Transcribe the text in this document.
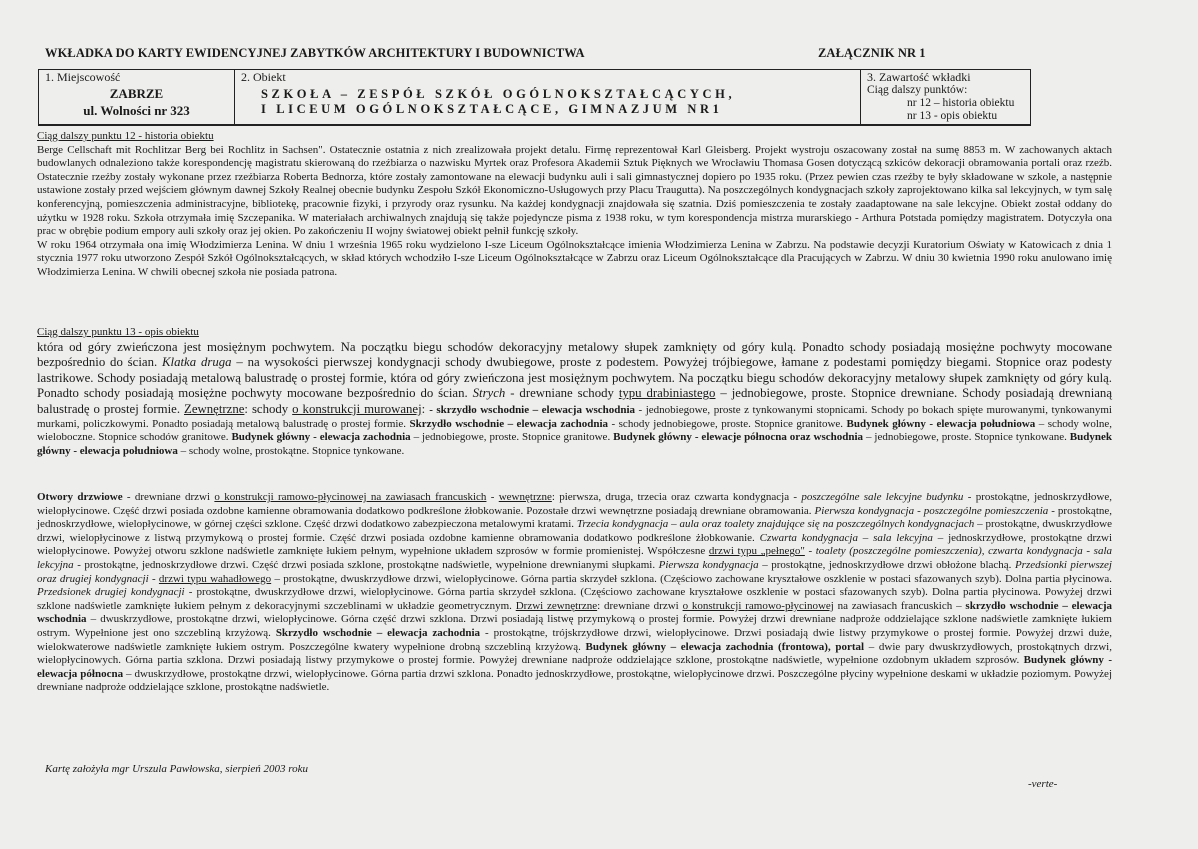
WKŁADKA DO KARTY EWIDENCYJNEJ ZABYTKÓW ARCHITEKTURY I BUDOWNICTWA	ZAŁĄCZNIK NR 1
1. Miejscowość
ZABRZE
ul. Wolności nr 323
2. Obiekt
SZKOŁA – ZESPÓŁ SZKÓŁ OGÓLNOKSZTAŁCĄCYCH,
I LICEUM OGÓLNOKSZTAŁCĄCE, GIMNAZJUM NR1
3. Zawartość wkładki
Ciąg dalszy punktów:
nr 12 – historia obiektu
nr 13 - opis obiektu

Ciąg dalszy punktu 12 - historia obiektu

Berge Cellschaft mit Rochlitzar Berg bei Rochlitz in Sachsen". Ostatecznie ostatnia z nich zrealizowała projekt detalu. Firmę reprezentował Karl Gleisberg. Projekt wystroju oszacowany został na sumę 8853 m. W zachowanych aktach budowlanych odnaleziono także korespondencję magistratu skierowaną do rzeźbiarza o nazwisku Myrtek oraz Profesora Akademii Sztuk Pięknych we Wrocławiu Thomasa Gosen dotyczącą szkiców dekoracji obramowania portali oraz rzeźb. Ostatecznie rzeźby zostały wykonane przez rzeźbiarza Roberta Bednorza, które zostały zamontowane na elewacji budynku auli i sali gimnastycznej dopiero po 1935 roku. (Przez pewien czas rzeźby te były składowane w szkole, a następnie ustawione zostały przed wejściem głównym dawnej Szkoły Realnej obecnie budynku Zespołu Szkół Ekonomiczno-Usługowych przy Placu Traugutta). Na poszczególnych kondygnacjach szkoły zaprojektowano kilka sal lekcyjnych, w tym salę konferencyjną, pomieszczenia administracyjne, bibliotekę, pracownie fizyki, i przyrody oraz rysunku. Na każdej kondygnacji znajdowała się szatnia. Dziś pomieszczenia te zostały zaadaptowane na sale lekcyjne. Obiekt został oddany do użytku w 1928 roku. Szkoła otrzymała imię Szczepanika. W materiałach archiwalnych znajdują się także pojedyncze pisma z 1938 roku, w tym korespondencja mistrza murarskiego - Arthura Potstada pomiędzy magistratem. Dotyczyła ona prac w obrębie podium empory auli szkoły oraz jej okien. Po zakończeniu II wojny światowej obiekt pełnił funkcję szkoły.

W roku 1964 otrzymała ona imię Włodzimierza Lenina. W dniu 1 września 1965 roku wydzielono I-sze Liceum Ogólnokształcące imienia Włodzimierza Lenina w Zabrzu. Na podstawie decyzji Kuratorium Oświaty w Katowicach z dnia 1 stycznia 1977 roku utworzono Zespół Szkół Ogólnokształcących, w skład których wchodziło I-sze Liceum Ogólnokształcące w Zabrzu oraz Liceum Ogólnokształcące dla Pracujących w Zabrzu. W dniu 30 kwietnia 1990 roku anulowano imię Włodzimierza Lenina. W chwili obecnej szkoła nie posiada patrona.

Ciąg dalszy punktu 13 - opis obiektu

która od góry zwieńczona jest mosiężnym pochwytem. Na początku biegu schodów dekoracyjny metalowy słupek zamknięty od góry kulą. Ponadto schody posiadają mosiężne pochwyty mocowane bezpośrednio do ścian. Klatka druga – na wysokości pierwszej kondygnacji schody dwubiegowe, proste z podestem. Powyżej trójbiegowe, łamane z podestami pomiędzy biegami. Stopnice oraz podesty lastrikowe. Schody posiadają metalową balustradę o prostej formie, która od góry zwieńczona jest mosiężnym pochwytem. Na początku biegu schodów dekoracyjny metalowy słupek zamknięty od góry kulą. Ponadto schody posiadają mosiężne pochwyty mocowane bezpośrednio do ścian. Strych - drewniane schody typu drabiniastego – jednobiegowe, proste. Stopnice drewniane. Schody posiadają drewnianą balustradę o prostej formie. Zewnętrzne: schody o konstrukcji murowanej: - skrzydło wschodnie – elewacja wschodnia - jednobiegowe, proste z tynkowanymi stopnicami. Schody po bokach spięte murowanymi, tynkowanymi murkami, policzkowymi. Ponadto posiadają metalową balustradę o prostej formie. Skrzydło wschodnie – elewacja zachodnia - schody jednobiegowe, proste. Stopnice granitowe. Budynek główny - elewacja południowa – schody wolne, wieloboczne. Stopnice schodów granitowe. Budynek główny - elewacja zachodnia – jednobiegowe, proste. Stopnice granitowe. Budynek główny - elewacje północna oraz wschodnia – jednobiegowe, proste. Stopnice tynkowane. Budynek główny - elewacja południowa – schody wolne, prostokątne. Stopnice tynkowane.

Otwory drzwiowe - drewniane drzwi o konstrukcji ramowo-płycinowej na zawiasach francuskich - wewnętrzne: pierwsza, druga, trzecia oraz czwarta kondygnacja - poszczególne sale lekcyjne budynku - prostokątne, jednoskrzydłowe, wielopłycinowe. Część drzwi posiada ozdobne kamienne obramowania dodatkowo podkreślone żłobkowanie. Pozostałe drzwi wewnętrzne posiadają drewniane obramowania. Pierwsza kondygnacja - poszczególne pomieszczenia - prostokątne, jednoskrzydłowe, wielopłycinowe, w górnej części szklone. Część drzwi dodatkowo zabezpieczona metalowymi kratami. Trzecia kondygnacja – aula oraz toalety znajdujące się na poszczególnych kondygnacjach – prostokątne, dwuskrzydłowe drzwi, wielopłycinowe z listwą przymykową o prostej formie. Część drzwi posiada ozdobne kamienne obramowania dodatkowo podkreślone żłobkowanie. Czwarta kondygnacja – sala lekcyjna – jednoskrzydłowe, prostokątne drzwi wielopłycinowe. Powyżej otworu szklone nadświetle zamknięte łukiem pełnym, wypełnione układem szprosów w formie promienistej. Współczesne drzwi typu „pełnego" - toalety (poszczególne pomieszczenia), czwarta kondygnacja - sala lekcyjna - prostokątne, jednoskrzydłowe drzwi. Część drzwi posiada szklone, prostokątne nadświetle, wypełnione drewnianymi słupkami. Pierwsza kondygnacja – prostokątne, jednoskrzydłowe drzwi obłożone blachą. Przedsionki pierwszej oraz drugiej kondygnacji - drzwi typu wahadłowego – prostokątne, dwuskrzydłowe drzwi, wielopłycinowe. Górna partia skrzydeł szklona. (Częściowo zachowane kryształowe oszklenie w postaci sfazowanych szyb). Dolna partia płycinowa. Przedsionek drugiej kondygnacji - prostokątne, dwuskrzydłowe drzwi, wielopłycinowe. Górna partia skrzydeł szklona. (Częściowo zachowane kryształowe oszklenie w postaci sfazowanych szyb). Dolna partia płycinowa. Powyżej drzwi szklone nadświetle zamknięte łukiem pełnym z dekoracyjnymi szczeblinami w układzie geometrycznym. Drzwi zewnętrzne: drewniane drzwi o konstrukcji ramowo-płycinowej na zawiasach francuskich – skrzydło wschodnie – elewacja wschodnia – dwuskrzydłowe, prostokątne drzwi, wielopłycinowe. Górna część drzwi szklona. Drzwi posiadają listwę przymykową o prostej formie. Powyżej drzwi drewniane nadproże oddzielające szklone nadświetle zamknięte łukiem ostrym. Wypełnione jest ono szczebliną krzyżową. Skrzydło wschodnie – elewacja zachodnia - prostokątne, trójskrzydłowe drzwi, wielopłycinowe. Drzwi posiadają dwie listwy przymykowe o prostej formie. Powyżej drzwi duże, wielokwaterowe nadświetle zamknięte łukiem ostrym. Poszczególne kwatery wypełnione drobną szczebliną krzyżową. Budynek główny – elewacja zachodnia (frontowa), portal – dwie pary dwuskrzydłowych, prostokątnych drzwi, wielopłycinowych. Górna partia szklona. Drzwi posiadają listwy przymykowe o prostej formie. Powyżej drewniane nadproże oddzielające szklone, prostokątne nadświetle, wypełnione ozdobnym układem szprosów. Budynek główny - elewacja północna – dwuskrzydłowe, prostokątne drzwi, wielopłycinowe. Górna partia drzwi szklona. Ponadto jednoskrzydłowe, prostokątne, wielopłycinowe drzwi. Poszczególne płyciny wypełnione deskami w układzie poziomym. Powyżej drewniane nadproże oddzielające szklone, prostokątne nadświetle.

Kartę założyła mgr Urszula Pawłowska, sierpień 2003 roku
-verte-
